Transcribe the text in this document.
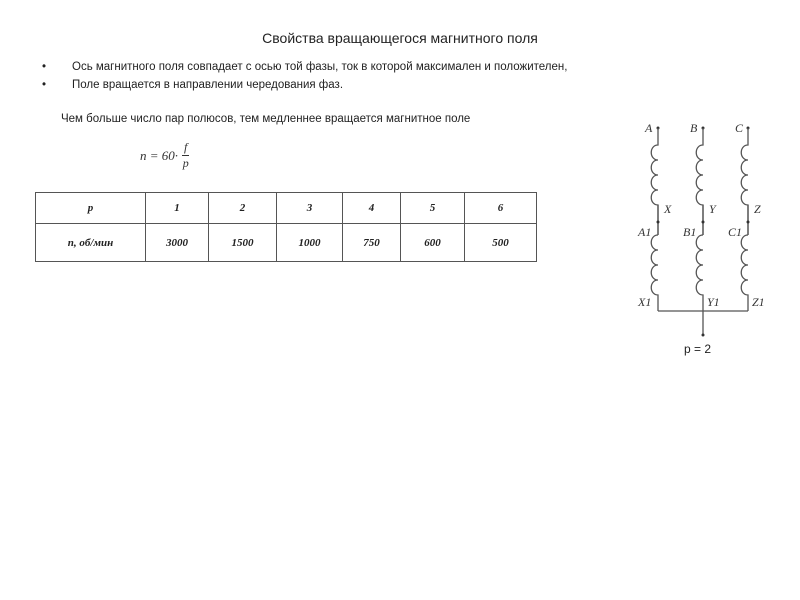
Свойства вращающегося магнитного поля
• Ось магнитного поля совпадает с осью той фазы, ток в которой максимален и положителен,
• Поле вращается в направлении чередования фаз.
Чем больше число пар полюсов, тем медленнее вращается магнитное поле
$n = 60\cdot \frac{f}{p}$
p	1	2	3	4	5	6
n, об/мин	3000	1500	1000	750	600	500
A
X
A1
X1
B
Y
B1
Y1
C
Z
C1
Z1
p = 2
